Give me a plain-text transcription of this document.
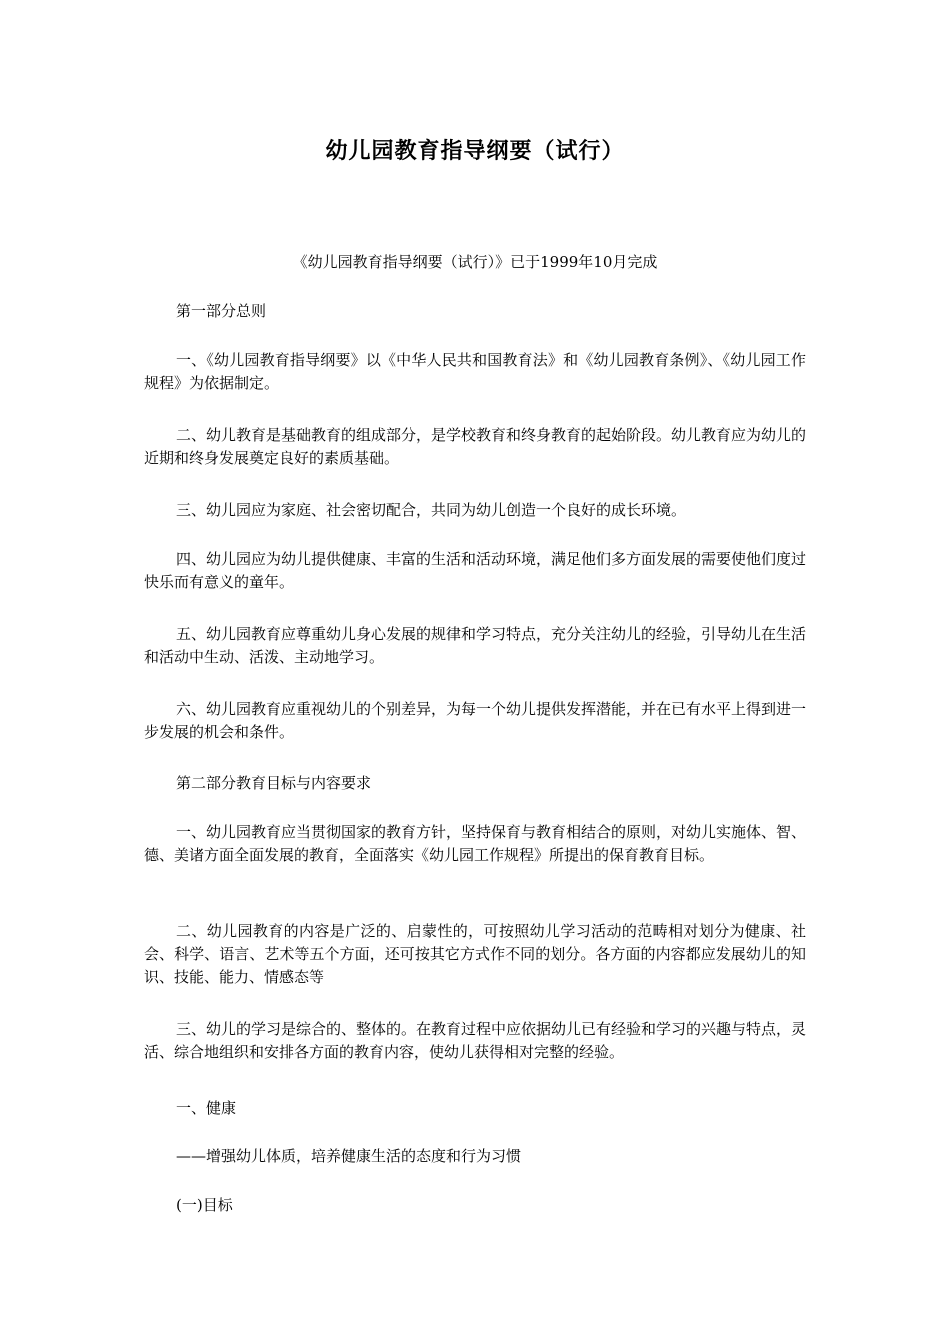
幼儿园教育指导纲要（试行）

《幼儿园教育指导纲要（试行）》已于1999年10月完成

第一部分总则

一、《幼儿园教育指导纲要》以《中华人民共和国教育法》和《幼儿园教育条例》、《幼儿园工作规程》为依据制定。

二、幼儿教育是基础教育的组成部分，是学校教育和终身教育的起始阶段。幼儿教育应为幼儿的近期和终身发展奠定良好的素质基础。

三、幼儿园应为家庭、社会密切配合，共同为幼儿创造一个良好的成长环境。

四、幼儿园应为幼儿提供健康、丰富的生活和活动环境，满足他们多方面发展的需要使他们度过快乐而有意义的童年。

五、幼儿园教育应尊重幼儿身心发展的规律和学习特点，充分关注幼儿的经验，引导幼儿在生活和活动中生动、活泼、主动地学习。

六、幼儿园教育应重视幼儿的个别差异，为每一个幼儿提供发挥潜能，并在已有水平上得到进一步发展的机会和条件。

第二部分教育目标与内容要求

一、幼儿园教育应当贯彻国家的教育方针，坚持保育与教育相结合的原则，对幼儿实施体、智、德、美诸方面全面发展的教育，全面落实《幼儿园工作规程》所提出的保育教育目标。

二、幼儿园教育的内容是广泛的、启蒙性的，可按照幼儿学习活动的范畴相对划分为健康、社会、科学、语言、艺术等五个方面，还可按其它方式作不同的划分。各方面的内容都应发展幼儿的知识、技能、能力、情感态等

三、幼儿的学习是综合的、整体的。在教育过程中应依据幼儿已有经验和学习的兴趣与特点，灵活、综合地组织和安排各方面的教育内容，使幼儿获得相对完整的经验。

一、健康

——增强幼儿体质，培养健康生活的态度和行为习惯

(一)目标
